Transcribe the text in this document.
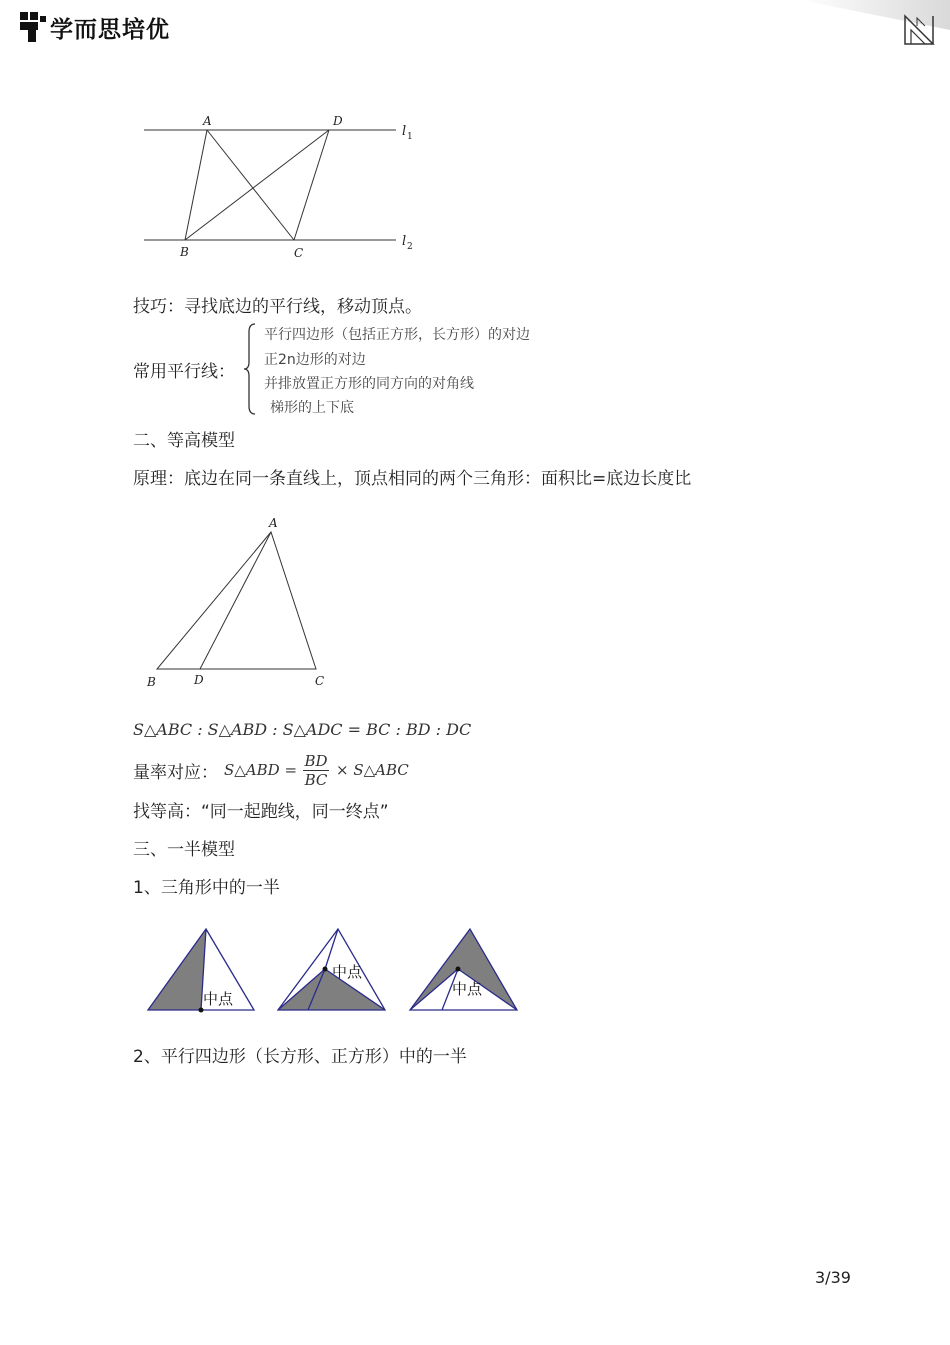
学而思培优
A	D
B	C
l 1
l 2
技巧：寻找底边的平行线，移动顶点。
常用平行线：
平行四边形（包括正方形，长方形）的对边
正2n边形的对边
并排放置正方形的同方向的对角线
梯形的上下底
二、等高模型
原理：底边在同一条直线上，顶点相同的两个三角形：面积比=底边长度比
A
B	D	C
S△ABC : S△ABD : S△ADC = BC : BD : DC
量率对应： S△ABD = BD
BC
× S△ABC
找等高：“同一起跑线，同一终点”
三、一半模型
1、三角形中的一半
中点
中点
中点
2、平行四边形（长方形、正方形）中的一半
3/39
